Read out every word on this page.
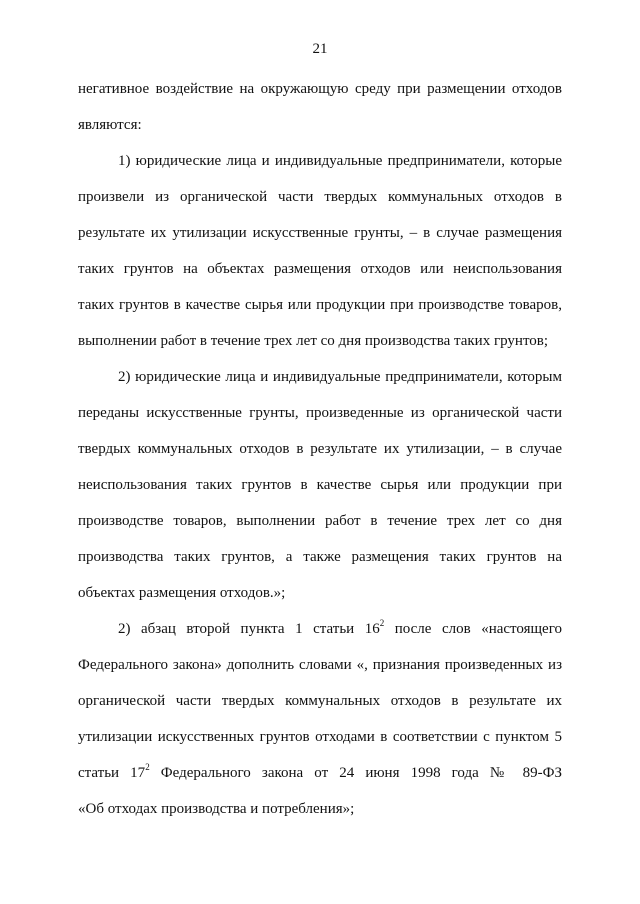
21
негативное воздействие на окружающую среду при размещении отходов
являются:
1) юридические лица и индивидуальные предприниматели, которые
произвели из органической части твердых коммунальных отходов в
результате их утилизации искусственные грунты, – в случае размещения
таких грунтов на объектах размещения отходов или неиспользования
таких грунтов в качестве сырья или продукции при производстве товаров,
выполнении работ в течение трех лет со дня производства таких грунтов;
2) юридические лица и индивидуальные предприниматели, которым
переданы искусственные грунты, произведенные из органической части
твердых коммунальных отходов в результате их утилизации, – в случае
неиспользования таких грунтов в качестве сырья или продукции при
производстве товаров, выполнении работ в течение трех лет со дня
производства таких грунтов, а также размещения таких грунтов на
объектах размещения отходов.»;
2) абзац второй пункта 1 статьи $16^2$ после слов «настоящего
Федерального закона» дополнить словами «, признания произведенных из
органической части твердых коммунальных отходов в результате их
утилизации искусственных грунтов отходами в соответствии с пунктом 5
статьи $17^2$ Федерального закона от 24 июня 1998 года № 89-ФЗ
«Об отходах производства и потребления»;
